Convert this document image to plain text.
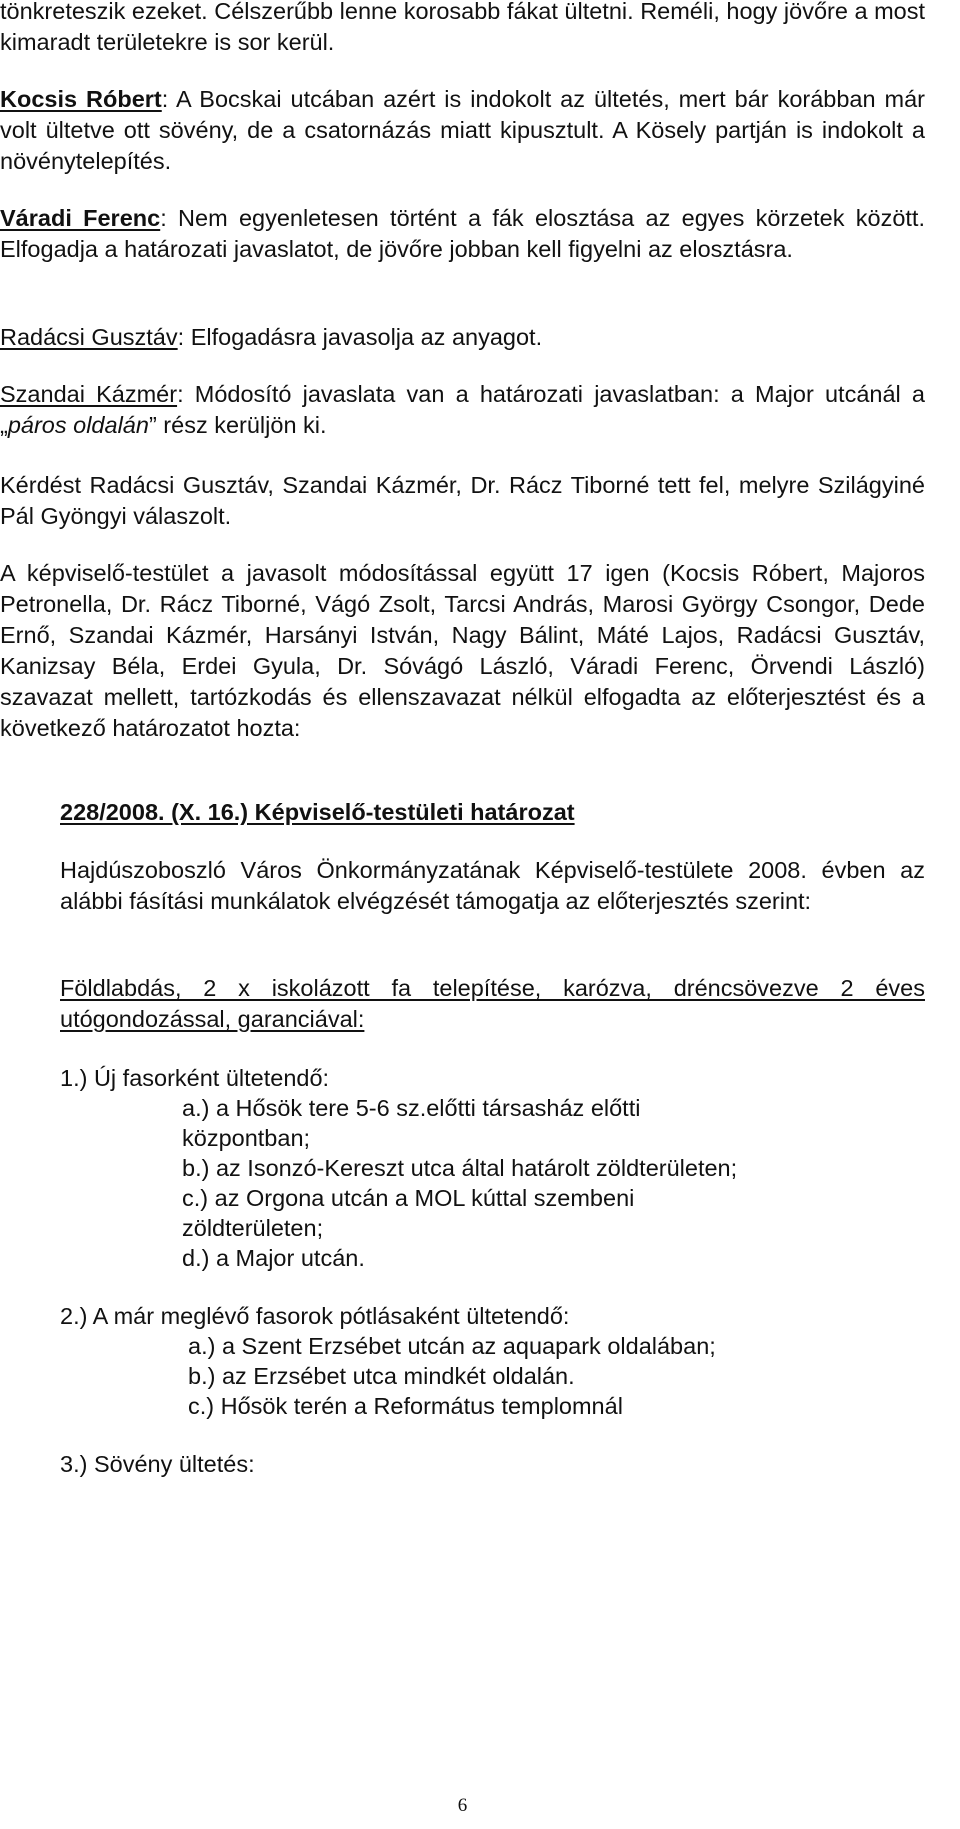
tönkreteszik ezeket. Célszerűbb lenne korosabb fákat ültetni. Reméli, hogy jövőre a most kimaradt területekre is sor kerül.

Kocsis Róbert: A Bocskai utcában azért is indokolt az ültetés, mert bár korábban már volt ültetve ott sövény, de a csatornázás miatt kipusztult. A Kösely partján is indokolt a növénytelepítés.

Váradi Ferenc: Nem egyenletesen történt a fák elosztása az egyes körzetek között. Elfogadja a határozati javaslatot, de jövőre jobban kell figyelni az elosztásra.

Radácsi Gusztáv: Elfogadásra javasolja az anyagot.

Szandai Kázmér: Módosító javaslata van a határozati javaslatban: a Major utcánál a „páros oldalán” rész kerüljön ki.

Kérdést Radácsi Gusztáv, Szandai Kázmér, Dr. Rácz Tiborné tett fel, melyre Szilágyiné Pál Gyöngyi válaszolt.

A képviselő-testület a javasolt módosítással együtt 17 igen (Kocsis Róbert, Majoros Petronella, Dr. Rácz Tiborné, Vágó Zsolt, Tarcsi András, Marosi György Csongor, Dede Ernő, Szandai Kázmér, Harsányi István, Nagy Bálint, Máté Lajos, Radácsi Gusztáv, Kanizsay Béla, Erdei Gyula, Dr. Sóvágó László, Váradi Ferenc, Örvendi László) szavazat mellett, tartózkodás és ellenszavazat nélkül elfogadta az előterjesztést és a következő határozatot hozta:

228/2008. (X. 16.) Képviselő-testületi határozat

Hajdúszoboszló Város Önkormányzatának Képviselő-testülete 2008. évben az alábbi fásítási munkálatok elvégzését támogatja az előterjesztés szerint:

Földlabdás, 2 x iskolázott fa telepítése, karózva, dréncsövezve 2 éves utógondozással, garanciával:

1.) Új fasorként ültetendő:
a.) a Hősök tere 5-6 sz.előtti társasház előtti
központban;
b.) az Isonzó-Kereszt utca által határolt zöldterületen;
c.) az Orgona utcán a MOL kúttal szembeni
zöldterületen;
d.) a Major utcán.
2.) A már meglévő fasorok pótlásaként ültetendő:
a.) a Szent Erzsébet utcán az aquapark oldalában;
b.) az Erzsébet utca mindkét oldalán.
c.) Hősök terén a Református templomnál
3.) Sövény ültetés:
6
